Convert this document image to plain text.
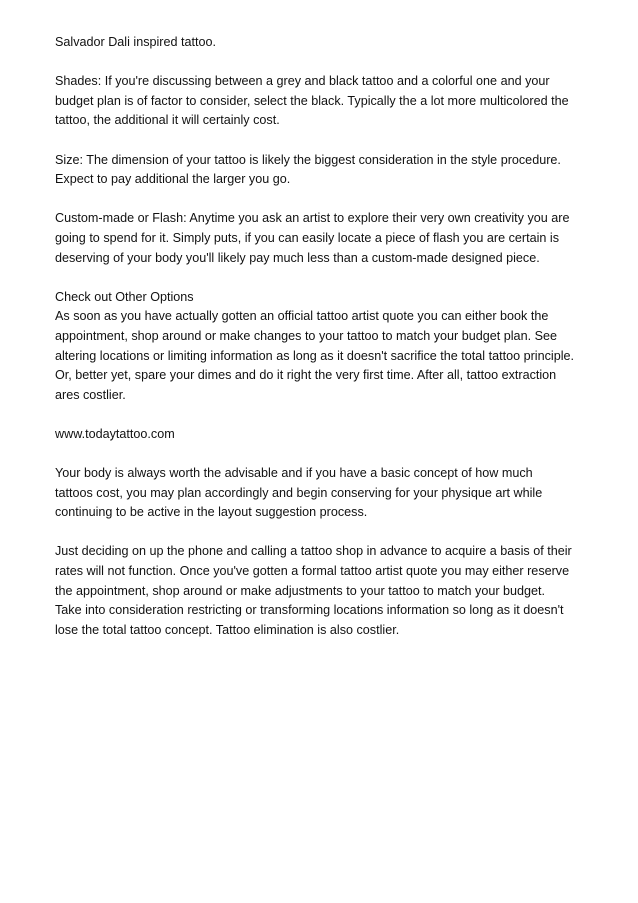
Salvador Dali inspired tattoo.

Shades: If you're discussing between a grey and black tattoo and a colorful one and your
budget plan is of factor to consider, select the black. Typically the a lot more multicolored the
tattoo, the additional it will certainly cost.

Size: The dimension of your tattoo is likely the biggest consideration in the style procedure.
Expect to pay additional the larger you go.

Custom-made or Flash: Anytime you ask an artist to explore their very own creativity you are
going to spend for it. Simply puts, if you can easily locate a piece of flash you are certain is
deserving of your body you'll likely pay much less than a custom-made designed piece.

Check out Other Options
As soon as you have actually gotten an official tattoo artist quote you can either book the
appointment, shop around or make changes to your tattoo to match your budget plan. See
altering locations or limiting information as long as it doesn't sacrifice the total tattoo principle.
Or, better yet, spare your dimes and do it right the very first time. After all, tattoo extraction
ares costlier.

www.todaytattoo.com

Your body is always worth the advisable and if you have a basic concept of how much
tattoos cost, you may plan accordingly and begin conserving for your physique art while
continuing to be active in the layout suggestion process.

Just deciding on up the phone and calling a tattoo shop in advance to acquire a basis of their
rates will not function. Once you've gotten a formal tattoo artist quote you may either reserve
the appointment, shop around or make adjustments to your tattoo to match your budget.
Take into consideration restricting or transforming locations information so long as it doesn't
lose the total tattoo concept. Tattoo elimination is also costlier.
